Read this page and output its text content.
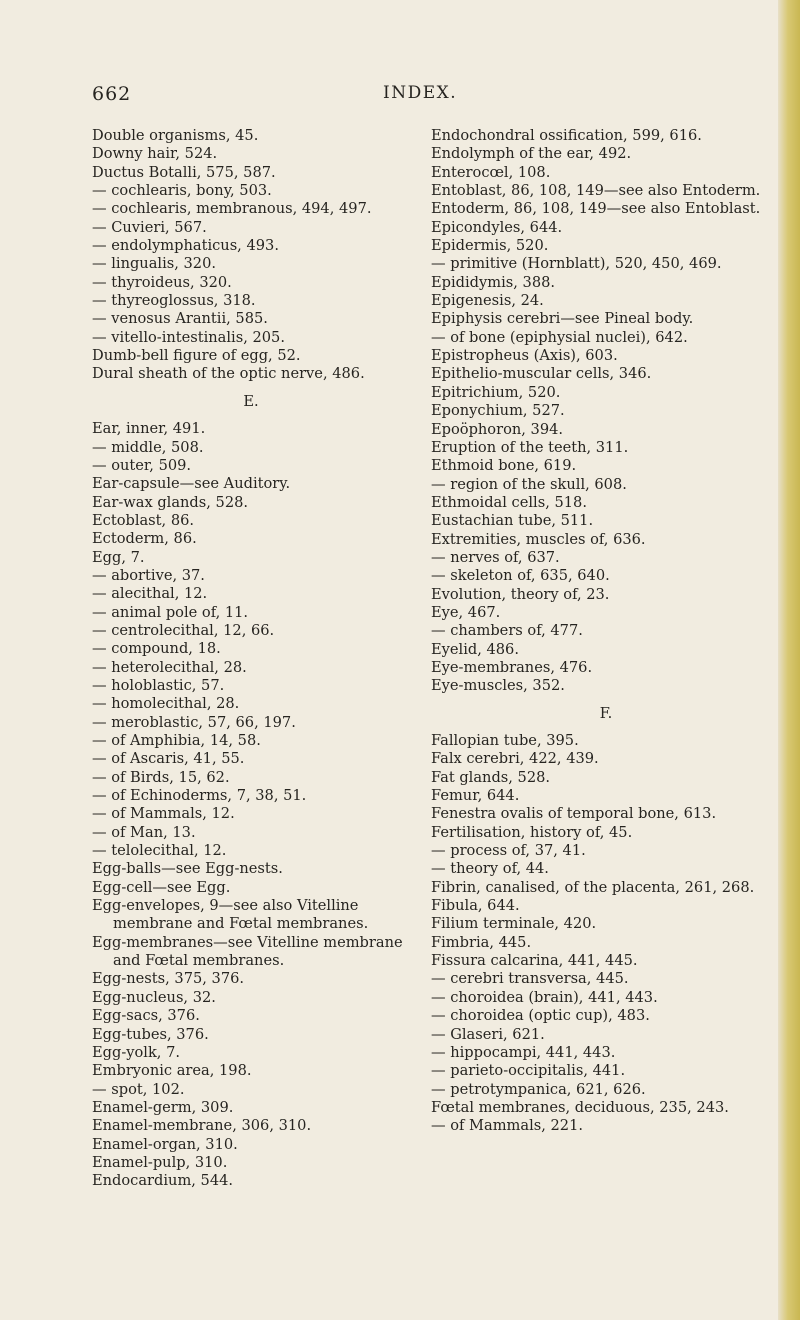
662	INDEX.
Double organisms, 45.
Downy hair, 524.
Ductus Botalli, 575, 587.
— cochlearis, bony, 503.
— cochlearis, membranous, 494, 497.
— Cuvieri, 567.
— endolymphaticus, 493.
— lingualis, 320.
— thyroideus, 320.
— thyreoglossus, 318.
— venosus Arantii, 585.
— vitello-intestinalis, 205.
Dumb-bell figure of egg, 52.
Dural sheath of the optic nerve, 486.
E.
Ear, inner, 491.
— middle, 508.
— outer, 509.
Ear-capsule—see Auditory.
Ear-wax glands, 528.
Ectoblast, 86.
Ectoderm, 86.
Egg, 7.
— abortive, 37.
— alecithal, 12.
— animal pole of, 11.
— centrolecithal, 12, 66.
— compound, 18.
— heterolecithal, 28.
— holoblastic, 57.
— homolecithal, 28.
— meroblastic, 57, 66, 197.
— of Amphibia, 14, 58.
— of Ascaris, 41, 55.
— of Birds, 15, 62.
— of Echinoderms, 7, 38, 51.
— of Mammals, 12.
— of Man, 13.
— telolecithal, 12.
Egg-balls—see Egg-nests.
Egg-cell—see Egg.
Egg-envelopes, 9—see also Vitelline membrane and Fœtal membranes.
Egg-membranes—see Vitelline membrane and Fœtal membranes.
Egg-nests, 375, 376.
Egg-nucleus, 32.
Egg-sacs, 376.
Egg-tubes, 376.
Egg-yolk, 7.
Embryonic area, 198.
— spot, 102.
Enamel-germ, 309.
Enamel-membrane, 306, 310.
Enamel-organ, 310.
Enamel-pulp, 310.
Endocardium, 544.
Endochondral ossification, 599, 616.
Endolymph of the ear, 492.
Enterocœl, 108.
Entoblast, 86, 108, 149—see also Entoderm.
Entoderm, 86, 108, 149—see also Entoblast.
Epicondyles, 644.
Epidermis, 520.
— primitive (Hornblatt), 520, 450, 469.
Epididymis, 388.
Epigenesis, 24.
Epiphysis cerebri—see Pineal body.
— of bone (epiphysial nuclei), 642.
Epistropheus (Axis), 603.
Epithelio-muscular cells, 346.
Epitrichium, 520.
Eponychium, 527.
Epoöphoron, 394.
Eruption of the teeth, 311.
Ethmoid bone, 619.
— region of the skull, 608.
Ethmoidal cells, 518.
Eustachian tube, 511.
Extremities, muscles of, 636.
— nerves of, 637.
— skeleton of, 635, 640.
Evolution, theory of, 23.
Eye, 467.
— chambers of, 477.
Eyelid, 486.
Eye-membranes, 476.
Eye-muscles, 352.
F.
Fallopian tube, 395.
Falx cerebri, 422, 439.
Fat glands, 528.
Femur, 644.
Fenestra ovalis of temporal bone, 613.
Fertilisation, history of, 45.
— process of, 37, 41.
— theory of, 44.
Fibrin, canalised, of the placenta, 261, 268.
Fibula, 644.
Filium terminale, 420.
Fimbria, 445.
Fissura calcarina, 441, 445.
— cerebri transversa, 445.
— choroidea (brain), 441, 443.
— choroidea (optic cup), 483.
— Glaseri, 621.
— hippocampi, 441, 443.
— parieto-occipitalis, 441.
— petrotympanica, 621, 626.
Fœtal membranes, deciduous, 235, 243.
— of Mammals, 221.
